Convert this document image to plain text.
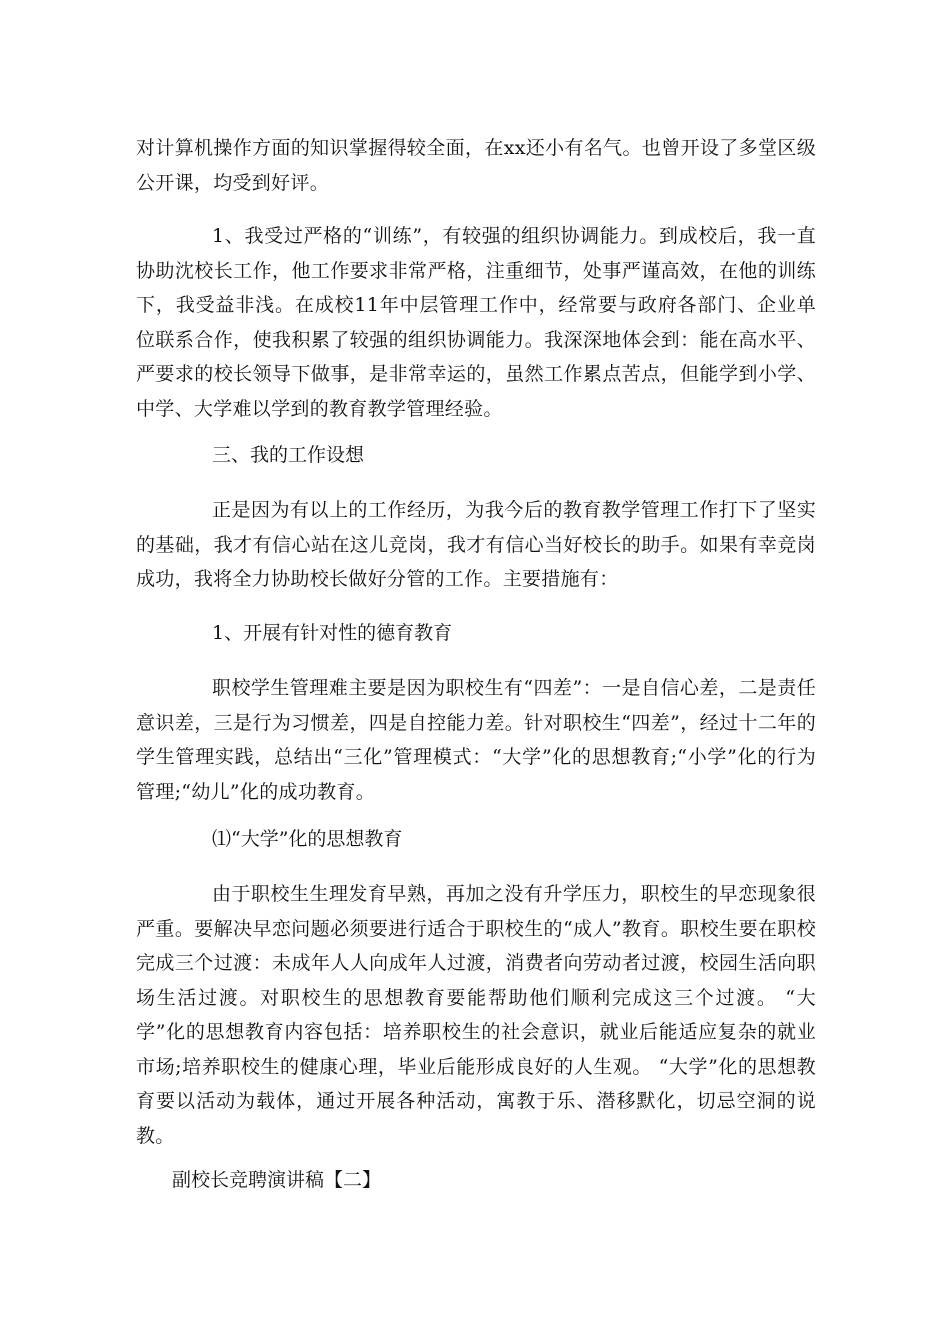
对计算机操作方面的知识掌握得较全面，在xx还小有名气。也曾开设了多堂区级公开课，均受到好评。

1、我受过严格的“训练”，有较强的组织协调能力。到成校后，我一直协助沈校长工作，他工作要求非常严格，注重细节，处事严谨高效，在他的训练下，我受益非浅。在成校11年中层管理工作中，经常要与政府各部门、企业单位联系合作，使我积累了较强的组织协调能力。我深深地体会到：能在高水平、严要求的校长领导下做事，是非常幸运的，虽然工作累点苦点，但能学到小学、中学、大学难以学到的教育教学管理经验。

三、我的工作设想

正是因为有以上的工作经历，为我今后的教育教学管理工作打下了坚实的基础，我才有信心站在这儿竞岗，我才有信心当好校长的助手。如果有幸竞岗成功，我将全力协助校长做好分管的工作。主要措施有：

1、开展有针对性的德育教育

职校学生管理难主要是因为职校生有“四差”：一是自信心差，二是责任意识差，三是行为习惯差，四是自控能力差。针对职校生“四差”，经过十二年的学生管理实践，总结出“三化”管理模式：“大学”化的思想教育;“小学”化的行为管理;“幼儿”化的成功教育。

⑴“大学”化的思想教育

由于职校生生理发育早熟，再加之没有升学压力，职校生的早恋现象很严重。要解决早恋问题必须要进行适合于职校生的“成人”教育。职校生要在职校完成三个过渡：未成年人人向成年人过渡，消费者向劳动者过渡，校园生活向职场生活过渡。对职校生的思想教育要能帮助他们顺利完成这三个过渡。 “大学”化的思想教育内容包括：培养职校生的社会意识，就业后能适应复杂的就业市场;培养职校生的健康心理，毕业后能形成良好的人生观。 “大学”化的思想教育要以活动为载体，通过开展各种活动，寓教于乐、潜移默化，切忌空洞的说教。

副校长竞聘演讲稿【二】
